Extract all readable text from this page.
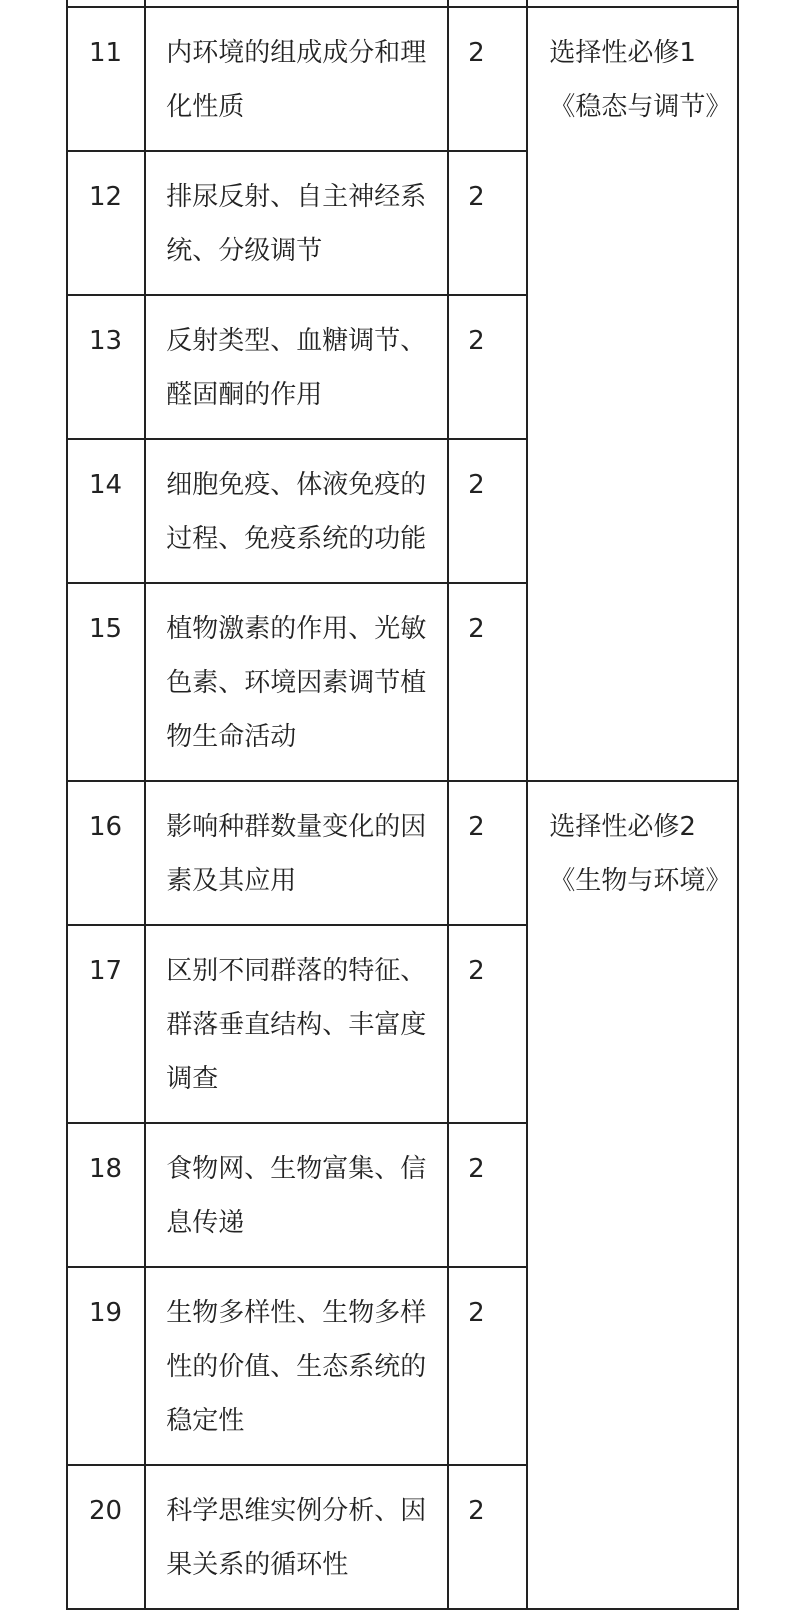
11	内环境的组成成分和理化性质	2	选择性必修1《稳态与调节》

12	排尿反射、自主神经系统、分级调节	2	

13	反射类型、血糖调节、醛固酮的作用	2	

14	细胞免疫、体液免疫的过程、免疫系统的功能	2	

15	植物激素的作用、光敏色素、环境因素调节植物生命活动	2	

16	影响种群数量变化的因素及其应用	2	选择性必修2《生物与环境》

17	区别不同群落的特征、群落垂直结构、丰富度调查	2	

18	食物网、生物富集、信息传递	2	

19	生物多样性、生物多样性的价值、生态系统的稳定性	2	

20	科学思维实例分析、因果关系的循环性	2	
